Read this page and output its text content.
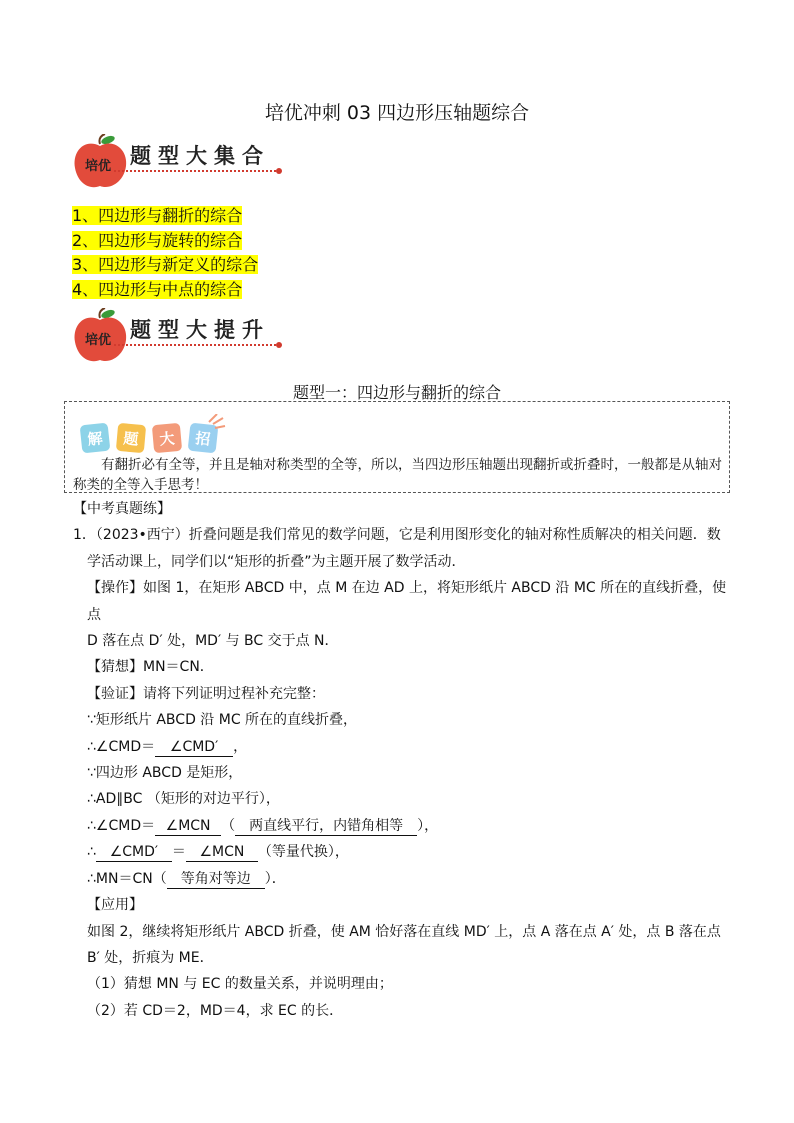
培优冲刺 03 四边形压轴题综合
培优 题型大集合
1、四边形与翻折的综合
2、四边形与旋转的综合
3、四边形与新定义的综合
4、四边形与中点的综合
培优 题型大提升
题型一：四边形与翻折的综合
解 题 大 招
有翻折必有全等，并且是轴对称类型的全等，所以，当四边形压轴题出现翻折或折叠时，一般都是从轴对称类的全等入手思考！

【中考真题练】

1．（2023•西宁）折叠问题是我们常见的数学问题，它是利用图形变化的轴对称性质解决的相关问题．数

学活动课上，同学们以“矩形的折叠”为主题开展了数学活动．

【操作】如图 1，在矩形 ABCD 中，点 M 在边 AD 上，将矩形纸片 ABCD 沿 MC 所在的直线折叠，使点

D 落在点 D′ 处，MD′ 与 BC 交于点 N．

【猜想】MN＝CN．

【验证】请将下列证明过程补充完整：

∵矩形纸片 ABCD 沿 MC 所在的直线折叠，

∴∠CMD＝ ∠CMD′ ，

∵四边形 ABCD 是矩形，

∴AD∥BC （矩形的对边平行），

∴∠CMD＝ ∠MCN （ 两直线平行，内错角相等 ），

∴ ∠CMD′ ＝ ∠MCN （等量代换），

∴MN＝CN（ 等角对等边 ）．

【应用】

如图 2，继续将矩形纸片 ABCD 折叠，使 AM 恰好落在直线 MD′ 上，点 A 落在点 A′ 处，点 B 落在点

B′ 处，折痕为 ME．

（1）猜想 MN 与 EC 的数量关系，并说明理由；

（2）若 CD＝2，MD＝4，求 EC 的长．
